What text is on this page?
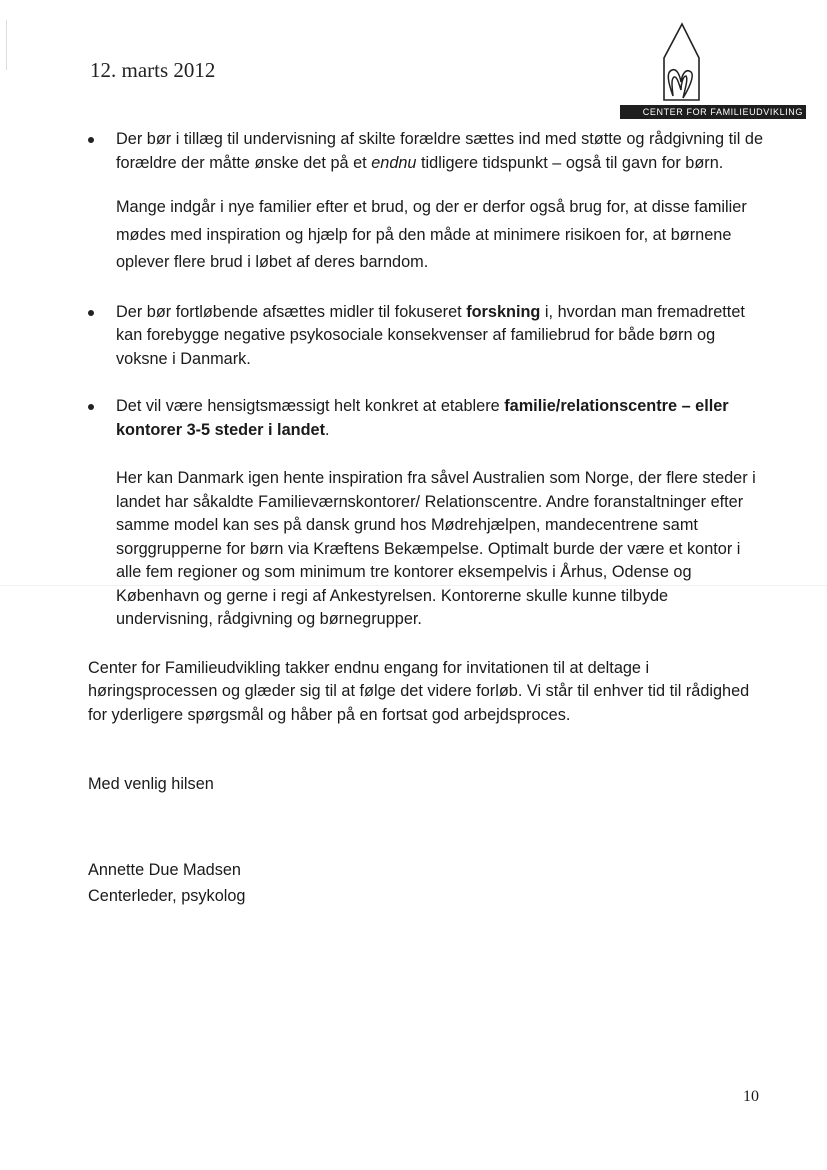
12. marts 2012
CENTER FOR FAMILIEUDVIKLING

Der bør i tillæg til undervisning af skilte forældre sættes ind med støtte og rådgivning til de forældre der måtte ønske det på et endnu tidligere tidspunkt – også til gavn for børn.

Mange indgår i nye familier efter et brud, og der er derfor også brug for, at disse familier mødes med inspiration og hjælp for på den måde at minimere risikoen for, at børnene oplever flere brud i løbet af deres barndom.

Der bør fortløbende afsættes midler til fokuseret forskning i, hvordan man fremadrettet kan forebygge negative psykosociale konsekvenser af familiebrud for både børn og voksne i Danmark.

Det vil være hensigtsmæssigt helt konkret at etablere familie/relationscentre – eller kontorer 3-5 steder i landet.

Her kan Danmark igen hente inspiration fra såvel Australien som Norge, der flere steder i landet har såkaldte Familieværnskontorer/ Relationscentre. Andre foranstaltninger efter samme model kan ses på dansk grund hos Mødrehjælpen, mandecentrene samt sorggrupperne for børn via Kræftens Bekæmpelse. Optimalt burde der være et kontor i alle fem regioner og som minimum tre kontorer eksempelvis i Århus, Odense og København og gerne i regi af Ankestyrelsen. Kontorerne skulle kunne tilbyde undervisning, rådgivning og børnegrupper.

Center for Familieudvikling takker endnu engang for invitationen til at deltage i høringsprocessen og glæder sig til at følge det videre forløb. Vi står til enhver tid til rådighed for yderligere spørgsmål og håber på en fortsat god arbejdsproces.

Med venlig hilsen

Annette Due Madsen

Centerleder, psykolog

10
